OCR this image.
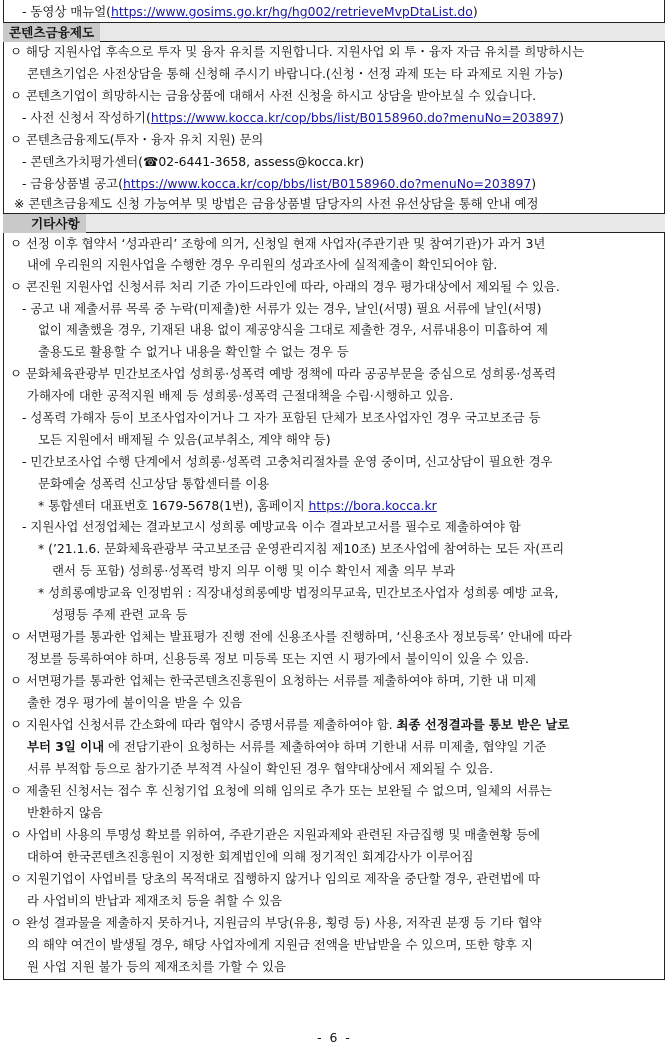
- 동영상 매뉴얼(https://www.gosims.go.kr/hg/hg002/retrieveMvpDtaList.do)
콘텐츠금융제도
ㅇ 해당 지원사업 후속으로 투자 및 융자 유치를 지원합니다. 지원사업 외 투・융자 자금 유치를 희망하시는
콘텐츠기업은 사전상담을 통해 신청해 주시기 바랍니다.(신청・선정 과제 또는 타 과제로 지원 가능)
ㅇ 콘텐츠기업이 희망하시는 금융상품에 대해서 사전 신청을 하시고 상담을 받아보실 수 있습니다.
- 사전 신청서 작성하기(https://www.kocca.kr/cop/bbs/list/B0158960.do?menuNo=203897)
ㅇ 콘텐츠금융제도(투자・융자 유치 지원) 문의
- 콘텐츠가치평가센터(☎02-6441-3658, assess@kocca.kr)
- 금융상품별 공고(https://www.kocca.kr/cop/bbs/list/B0158960.do?menuNo=203897)
※ 콘텐츠금융제도 신청 가능여부 및 방법은 금융상품별 담당자의 사전 유선상담을 통해 안내 예정
기타사항
ㅇ 선정 이후 협약서 ‘성과관리’ 조항에 의거, 신청일 현재 사업자(주관기관 및 참여기관)가 과거 3년
내에 우리원의 지원사업을 수행한 경우 우리원의 성과조사에 실적제출이 확인되어야 함.
ㅇ 콘진원 지원사업 신청서류 처리 기준 가이드라인에 따라, 아래의 경우 평가대상에서 제외될 수 있음.
- 공고 내 제출서류 목록 중 누락(미제출)한 서류가 있는 경우, 날인(서명) 필요 서류에 날인(서명)
없이 제출했을 경우, 기재된 내용 없이 제공양식을 그대로 제출한 경우, 서류내용이 미흡하여 제
출용도로 활용할 수 없거나 내용을 확인할 수 없는 경우 등
ㅇ 문화체육관광부 민간보조사업 성희롱·성폭력 예방 정책에 따라 공공부문을 중심으로 성희롱·성폭력
가해자에 대한 공적지원 배제 등 성희롱·성폭력 근절대책을 수립·시행하고 있음.
- 성폭력 가해자 등이 보조사업자이거나 그 자가 포함된 단체가 보조사업자인 경우 국고보조금 등
모든 지원에서 배제될 수 있음(교부취소, 계약 해약 등)
- 민간보조사업 수행 단계에서 성희롱·성폭력 고충처리절차를 운영 중이며, 신고상담이 필요한 경우
문화예술 성폭력 신고상담 통합센터를 이용
* 통합센터 대표번호 1679-5678(1번), 홈페이지 https://bora.kocca.kr
- 지원사업 선정업체는 결과보고시 성희롱 예방교육 이수 결과보고서를 필수로 제출하여야 함
* (’21.1.6. 문화체육관광부 국고보조금 운영관리지침 제10조) 보조사업에 참여하는 모든 자(프리
랜서 등 포함) 성희롱·성폭력 방지 의무 이행 및 이수 확인서 제출 의무 부과
* 성희롱예방교육 인정범위 : 직장내성희롱예방 법정의무교육, 민간보조사업자 성희롱 예방 교육,
성평등 주제 관련 교육 등
ㅇ 서면평가를 통과한 업체는 발표평가 진행 전에 신용조사를 진행하며, ‘신용조사 정보등록’ 안내에 따라
정보를 등록하여야 하며, 신용등록 정보 미등록 또는 지연 시 평가에서 불이익이 있을 수 있음.
ㅇ 서면평가를 통과한 업체는 한국콘텐츠진흥원이 요청하는 서류를 제출하여야 하며, 기한 내 미제
출한 경우 평가에 불이익을 받을 수 있음
ㅇ 지원사업 신청서류 간소화에 따라 협약시 증명서류를 제출하여야 함. 최종 선정결과를 통보 받은 날로
부터 3일 이내 에 전담기관이 요청하는 서류를 제출하여야 하며 기한내 서류 미제출, 협약일 기준
서류 부적합 등으로 참가기준 부적격 사실이 확인된 경우 협약대상에서 제외될 수 있음.
ㅇ 제출된 신청서는 접수 후 신청기업 요청에 의해 임의로 추가 또는 보완될 수 없으며, 일체의 서류는
반환하지 않음
ㅇ 사업비 사용의 투명성 확보를 위하여, 주관기관은 지원과제와 관련된 자금집행 및 매출현황 등에
대하여 한국콘텐츠진흥원이 지정한 회계법인에 의해 정기적인 회계감사가 이루어짐
ㅇ 지원기업이 사업비를 당초의 목적대로 집행하지 않거나 임의로 제작을 중단할 경우, 관련법에 따
라 사업비의 반납과 제재조치 등을 취할 수 있음
ㅇ 완성 결과물을 제출하지 못하거나, 지원금의 부당(유용, 횡령 등) 사용, 저작권 분쟁 등 기타 협약
의 해약 여건이 발생될 경우, 해당 사업자에게 지원금 전액을 반납받을 수 있으며, 또한 향후 지
원 사업 지원 불가 등의 제재조치를 가할 수 있음
- 6 -
